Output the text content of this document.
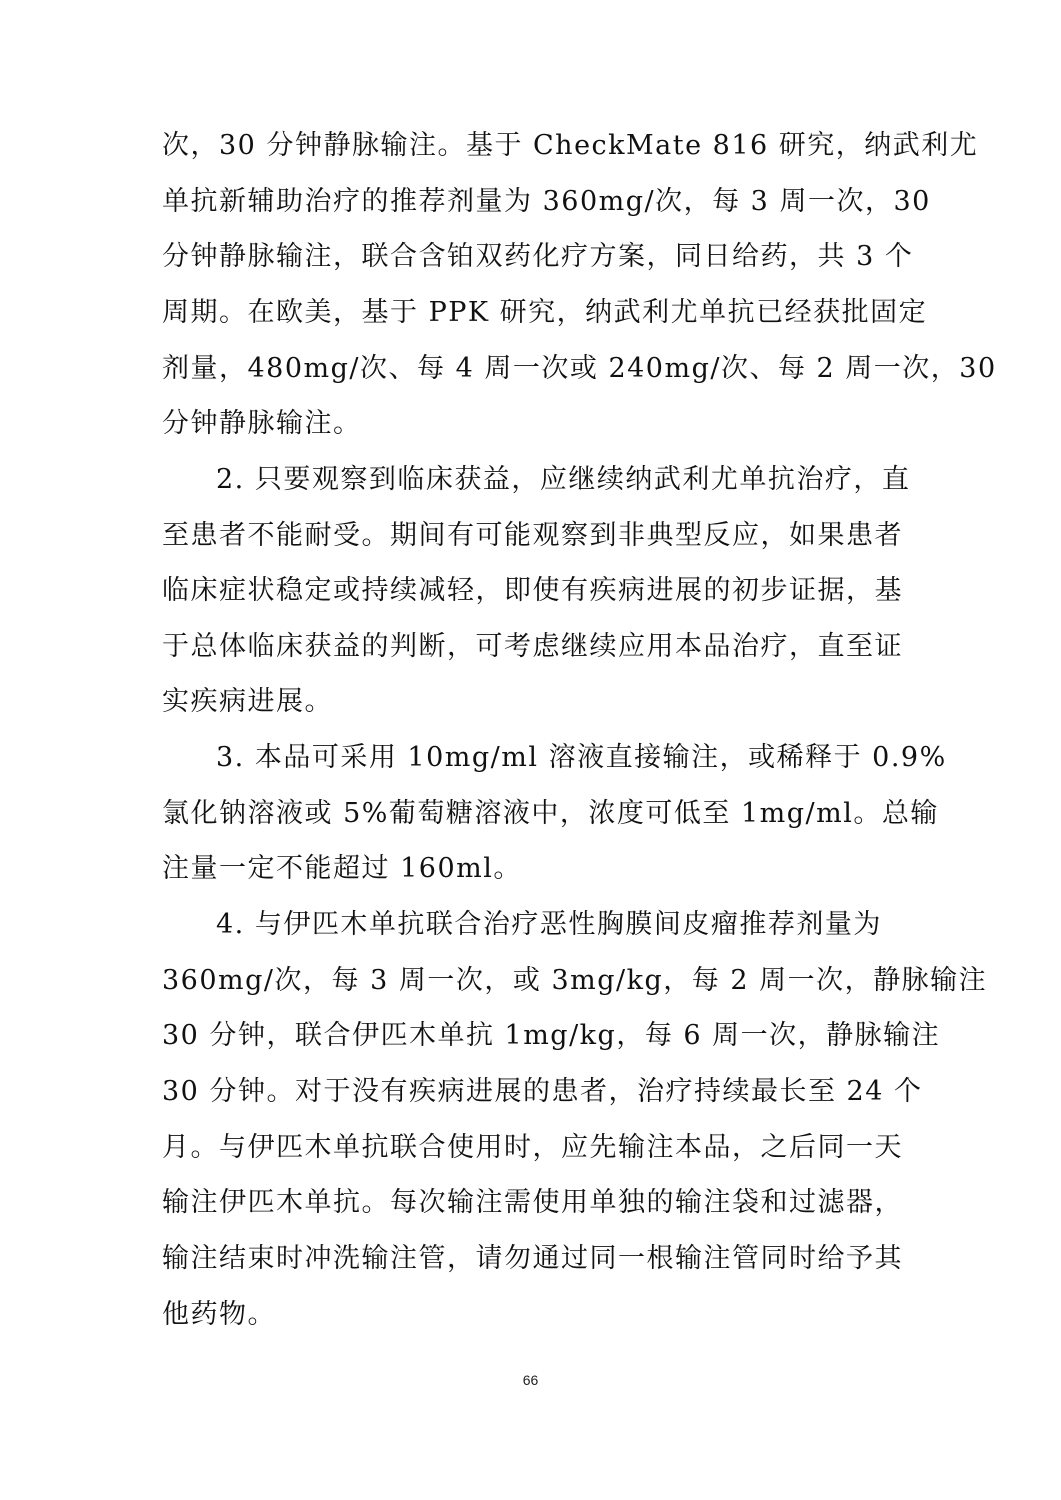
次，30 分钟静脉输注。基于 CheckMate 816 研究，纳武利尤
单抗新辅助治疗的推荐剂量为 360mg/次，每 3 周一次，30
分钟静脉输注，联合含铂双药化疗方案，同日给药，共 3 个
周期。在欧美，基于 PPK 研究，纳武利尤单抗已经获批固定
剂量，480mg/次、每 4 周一次或 240mg/次、每 2 周一次，30
分钟静脉输注。
2. 只要观察到临床获益，应继续纳武利尤单抗治疗，直
至患者不能耐受。期间有可能观察到非典型反应，如果患者
临床症状稳定或持续减轻，即使有疾病进展的初步证据，基
于总体临床获益的判断，可考虑继续应用本品治疗，直至证
实疾病进展。
3. 本品可采用 10mg/ml 溶液直接输注，或稀释于 0.9%
氯化钠溶液或 5%葡萄糖溶液中，浓度可低至 1mg/ml。总输
注量一定不能超过 160ml。
4. 与伊匹木单抗联合治疗恶性胸膜间皮瘤推荐剂量为
360mg/次，每 3 周一次，或 3mg/kg，每 2 周一次，静脉输注
30 分钟，联合伊匹木单抗 1mg/kg，每 6 周一次，静脉输注
30 分钟。对于没有疾病进展的患者，治疗持续最长至 24 个
月。与伊匹木单抗联合使用时，应先输注本品，之后同一天
输注伊匹木单抗。每次输注需使用单独的输注袋和过滤器，
输注结束时冲洗输注管，请勿通过同一根输注管同时给予其
他药物。
66
